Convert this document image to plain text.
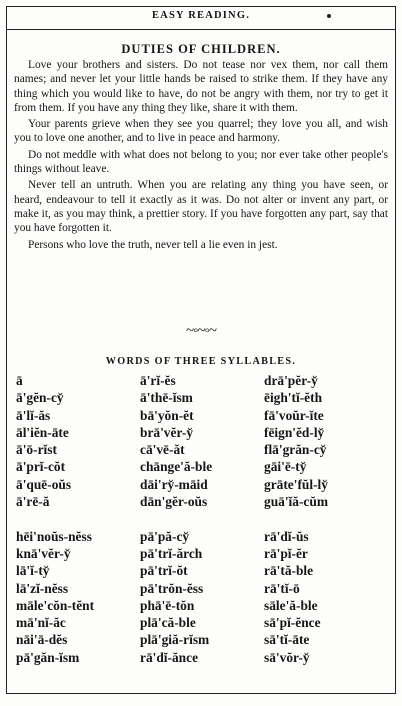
EASY READING.
DUTIES OF CHILDREN.

Love your brothers and sisters. Do not tease nor vex them, nor call them names; and never let your little hands be raised to strike them. If they have any thing which you would like to have, do not be angry with them, nor try to get it from them. If you have any thing they like, share it with them.

Your parents grieve when they see you quarrel; they love you all, and wish you to love one another, and to live in peace and harmony.

Do not meddle with what does not belong to you; nor ever take other people's things without leave.

Never tell an untruth. When you are relating any thing you have seen, or heard, endeavour to tell it exactly as it was. Do not alter or invent any part, or make it, as you may think, a prettier story. If you have forgotten any part, say that you have forgotten it.

Persons who love the truth, never tell a lie even in jest.

~◦~◦~
WORDS OF THREE SYLLABLES.
ā	ā'rĭ-ĕs	drā'pĕr-y̆
ā'gĕn-cy̆	ā'thē-ĭsm	ēigh'tĭ-ĕth
ā'lĭ-ăs	bā'yŏn-ĕt	fā'voŭr-ĭte
āl'iĕn-āte	brā'vĕr-y̆	fēign'ĕd-ly̆
ā'ō-rĭst	cā'vē-ăt	flā'grăn-cy̆
ā'prĭ-cŏt	chānge'ă-ble	gāi'ē-ty̆
ā'quē-oŭs	dāi'ry̆-māid	grāte'fŭl-ly̆
ā'rē-ă	dān'gĕr-oŭs	guā'ĭă-cŭm
hēi'noŭs-nĕss	pā'pă-cy̆	rā'dĭ-ŭs
knā'vĕr-y̆	pā'trĭ-ărch	rā'pĭ-ĕr
lā'ĭ-ty̆	pā'trĭ-ŏt	rā'tă-ble
lā'zĭ-nĕss	pā'trŏn-ĕss	rā'tĭ-ō
māle'cŏn-tĕnt	phā'ē-tŏn	sāle'ă-ble
mā'nĭ-ăc	plā'că-ble	sā'pĭ-ĕnce
nāi'ā-dĕs	plā'giă-rĭsm	sā'tĭ-āte
pā'găn-ĭsm	rā'dĭ-ănce	sā'vŏr-y̆
